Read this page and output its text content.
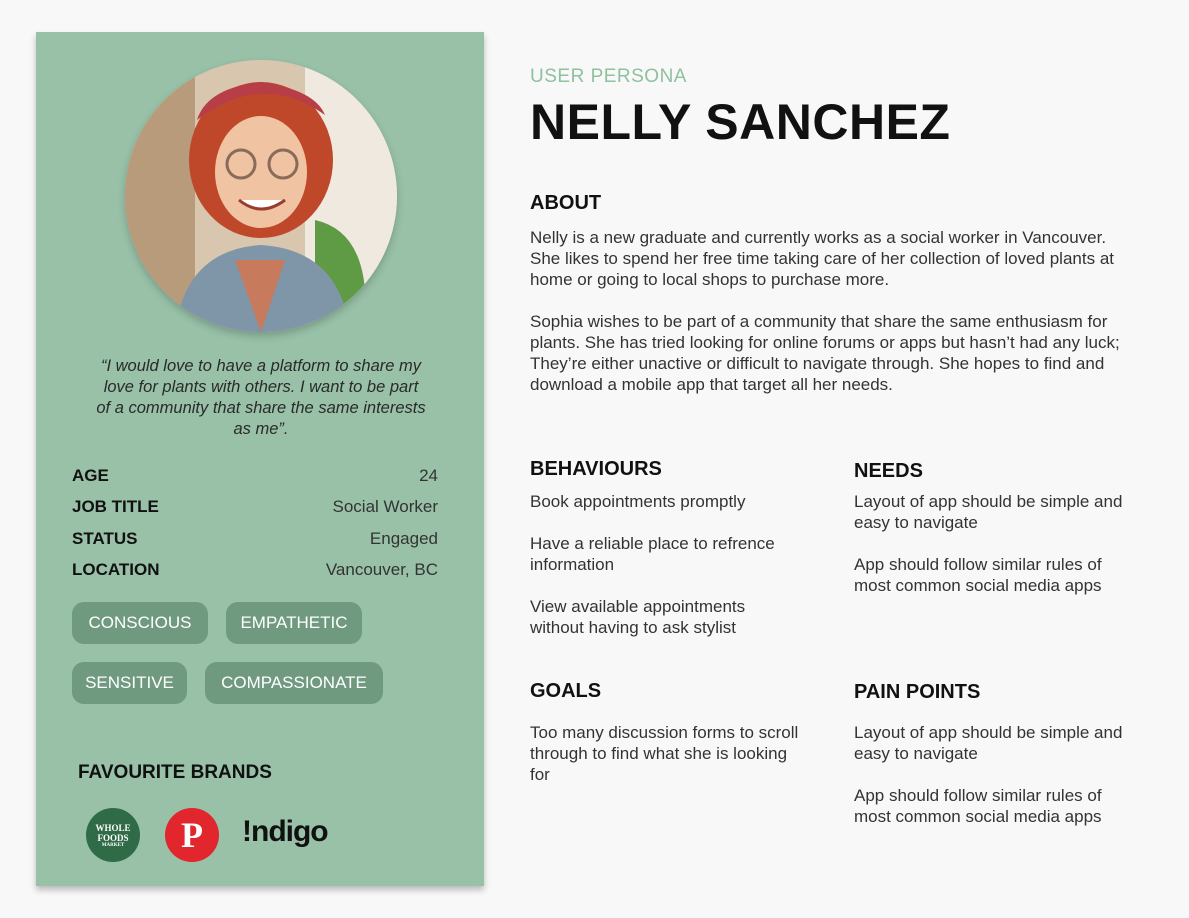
“I would love to have a platform to share my love for plants with others. I want to be part of a community that share the same interests as me”.
AGE	24
JOB TITLE	Social Worker
STATUS	Engaged
LOCATION	Vancouver, BC
CONSCIOUS	EMPATHETIC
SENSITIVE	COMPASSIONATE
FAVOURITE BRANDS
WHOLE
FOODS
MARKET	P	!ndigo
USER PERSONA
NELLY SANCHEZ
ABOUT
Nelly is a new graduate and currently works as a social worker in Vancouver. She likes to spend her free time taking care of her collection of loved plants at home or going to local shops to purchase more.
Sophia wishes to be part of a community that share the same enthusiasm for plants. She has tried looking for online forums or apps but hasn’t had any luck; They’re either unactive or difficult to navigate through. She hopes to find and download a mobile app that target all her needs.
BEHAVIOURS
Book appointments promptly
Have a reliable place to refrence information
View available appointments without having to ask stylist
NEEDS
Layout of app should be simple and easy to navigate
App should follow similar rules of most common social media apps
GOALS
Too many discussion forms to scroll through to find what she is looking for
PAIN POINTS
Layout of app should be simple and easy to navigate
App should follow similar rules of most common social media apps
